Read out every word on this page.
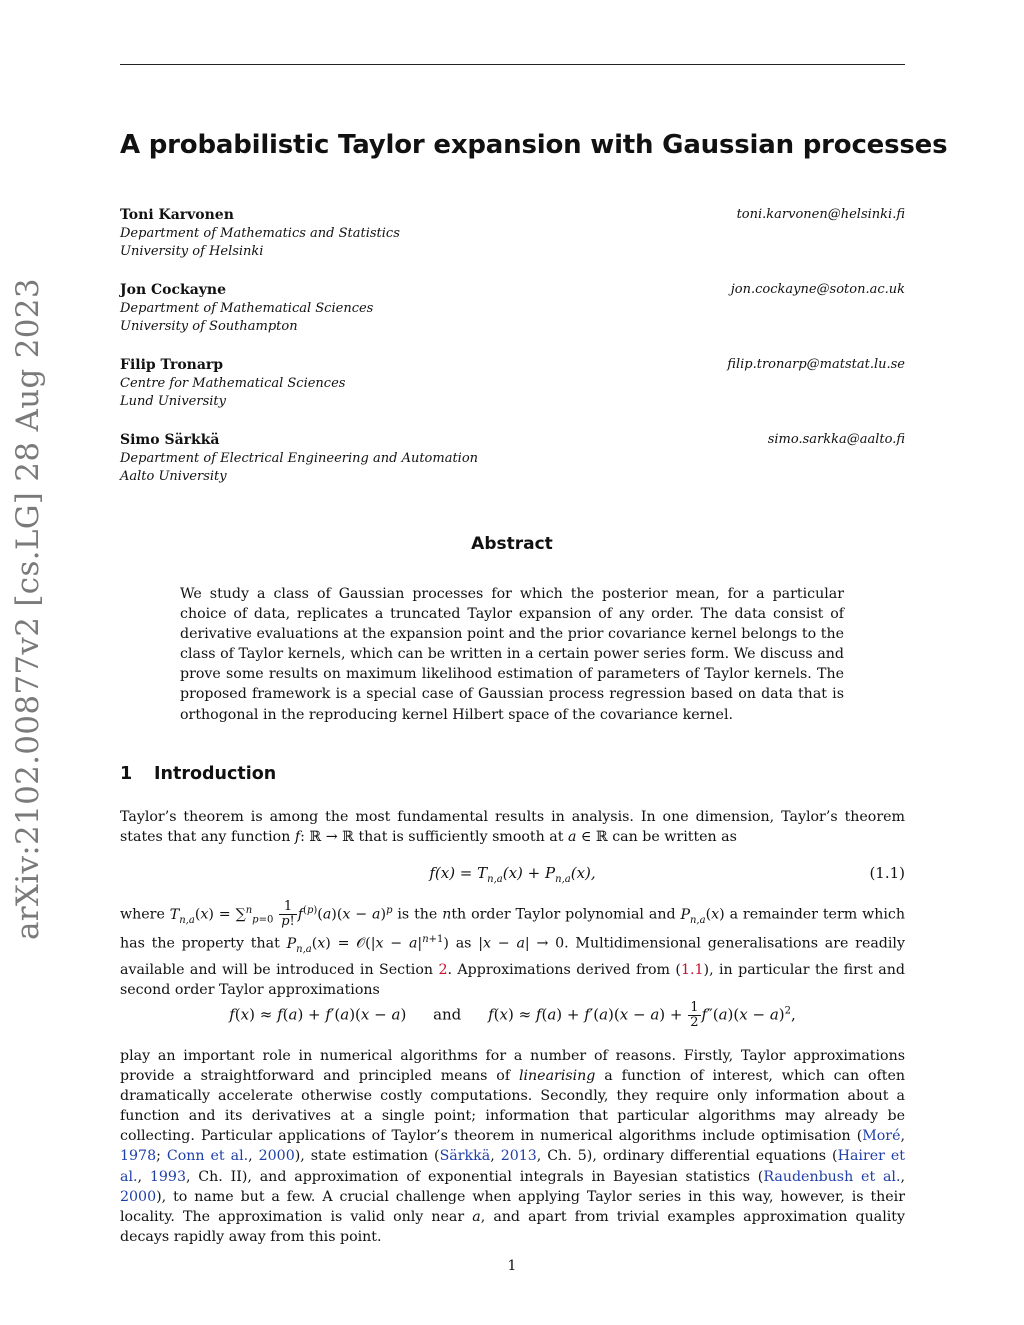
arXiv:2102.00877v2 [cs.LG] 28 Aug 2023
A probabilistic Taylor expansion with Gaussian processes
Toni Karvonen	toni.karvonen@helsinki.fi
Department of Mathematics and Statistics
University of Helsinki
Jon Cockayne	jon.cockayne@soton.ac.uk
Department of Mathematical Sciences
University of Southampton
Filip Tronarp	filip.tronarp@matstat.lu.se
Centre for Mathematical Sciences
Lund University
Simo Särkkä	simo.sarkka@aalto.fi
Department of Electrical Engineering and Automation
Aalto University
Abstract
We study a class of Gaussian processes for which the posterior mean, for a particular choice of data, replicates a truncated Taylor expansion of any order. The data consist of derivative evaluations at the expansion point and the prior covariance kernel belongs to the class of Taylor kernels, which can be written in a certain power series form. We discuss and prove some results on maximum likelihood estimation of parameters of Taylor kernels. The proposed framework is a special case of Gaussian process regression based on data that is orthogonal in the reproducing kernel Hilbert space of the covariance kernel.
1 Introduction
Taylor’s theorem is among the most fundamental results in analysis. In one dimension, Taylor’s theorem states that any function f: ℝ → ℝ that is sufficiently smooth at a ∈ ℝ can be written as
$f(x) = T_{n,a}(x) + P_{n,a}(x)$,	(1.1)
where $T_{n,a}(x) = \sum^n_{p=0} \frac{1}{p!} f^{(p)}(a)(x - a)^p$ is the nth order Taylor polynomial and $P_{n,a}(x)$ a remainder term which has the property that $P_{n,a}(x)$ = 𝒪(|x − $a|^{n+1}$) as |x − a| → 0. Multidimensional generalisations are readily available and will be introduced in Section 2. Approximations derived from (1.1), in particular the first and second order Taylor approximations
f(x) ≈ f(a) + f′(a)(x − a) and $f(x) \approx f(a) + f'(a)(x - a) + \frac{1}{2} f''(a)(x - a)^2$,
play an important role in numerical algorithms for a number of reasons. Firstly, Taylor approximations provide a straightforward and principled means of linearising a function of interest, which can often dramatically accelerate otherwise costly computations. Secondly, they require only information about a function and its derivatives at a single point; information that particular algorithms may already be collecting. Particular applications of Taylor’s theorem in numerical algorithms include optimisation (Moré, 1978; Conn et al., 2000), state estimation (Särkkä, 2013, Ch. 5), ordinary differential equations (Hairer et al., 1993, Ch. II), and approximation of exponential integrals in Bayesian statistics (Raudenbush et al., 2000), to name but a few. A crucial challenge when applying Taylor series in this way, however, is their locality. The approximation is valid only near a, and apart from trivial examples approximation quality decays rapidly away from this point.
1
